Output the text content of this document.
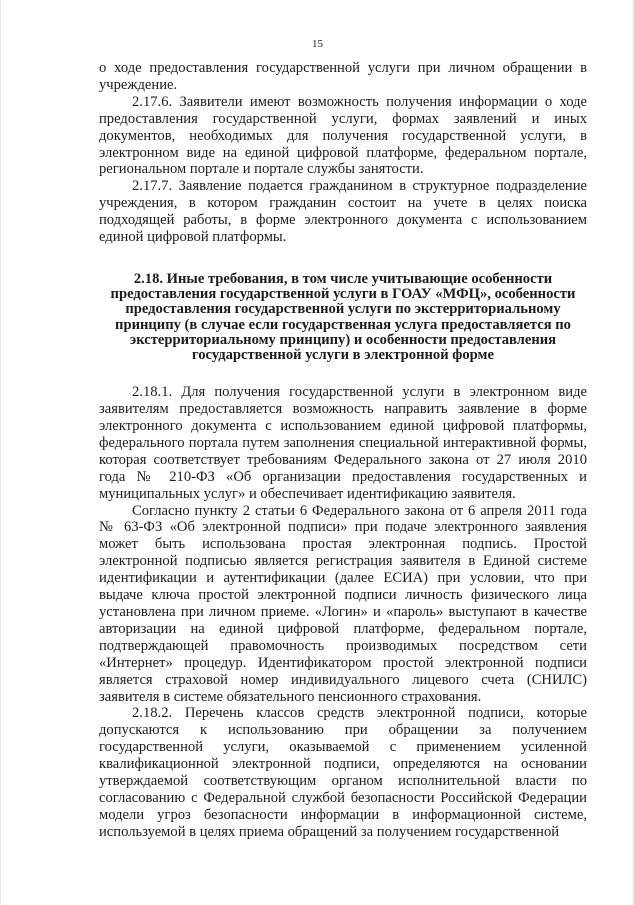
15

о ходе предоставления государственной услуги при личном обращении в учреждение.

2.17.6. Заявители имеют возможность получения информации о ходе предоставления государственной услуги, формах заявлений и иных документов, необходимых для получения государственной услуги, в электронном виде на единой цифровой платформе, федеральном портале, региональном портале и портале службы занятости.

2.17.7. Заявление подается гражданином в структурное подразделение учреждения, в котором гражданин состоит на учете в целях поиска подходящей работы, в форме электронного документа с использованием единой цифровой платформы.

2.18. Иные требования, в том числе учитывающие особенности предоставления государственной услуги в ГОАУ «МФЦ», особенности предоставления государственной услуги по экстерриториальному принципу (в случае если государственная услуга предоставляется по экстерриториальному принципу) и особенности предоставления государственной услуги в электронной форме

2.18.1. Для получения государственной услуги в электронном виде заявителям предоставляется возможность направить заявление в форме электронного документа с использованием единой цифровой платформы, федерального портала путем заполнения специальной интерактивной формы, которая соответствует требованиям Федерального закона от 27 июля 2010 года № 210-ФЗ «Об организации предоставления государственных и муниципальных услуг» и обеспечивает идентификацию заявителя.

Согласно пункту 2 статьи 6 Федерального закона от 6 апреля 2011 года № 63-ФЗ «Об электронной подписи» при подаче электронного заявления может быть использована простая электронная подпись. Простой электронной подписью является регистрация заявителя в Единой системе идентификации и аутентификации (далее ЕСИА) при условии, что при выдаче ключа простой электронной подписи личность физического лица установлена при личном приеме. «Логин» и «пароль» выступают в качестве авторизации на единой цифровой платформе, федеральном портале, подтверждающей правомочность производимых посредством сети «Интернет» процедур. Идентификатором простой электронной подписи является страховой номер индивидуального лицевого счета (СНИЛС) заявителя в системе обязательного пенсионного страхования.

2.18.2. Перечень классов средств электронной подписи, которые допускаются к использованию при обращении за получением государственной услуги, оказываемой с применением усиленной квалификационной электронной подписи, определяются на основании утверждаемой соответствующим органом исполнительной власти по согласованию с Федеральной службой безопасности Российской Федерации модели угроз безопасности информации в информационной системе, используемой в целях приема обращений за получением государственной
